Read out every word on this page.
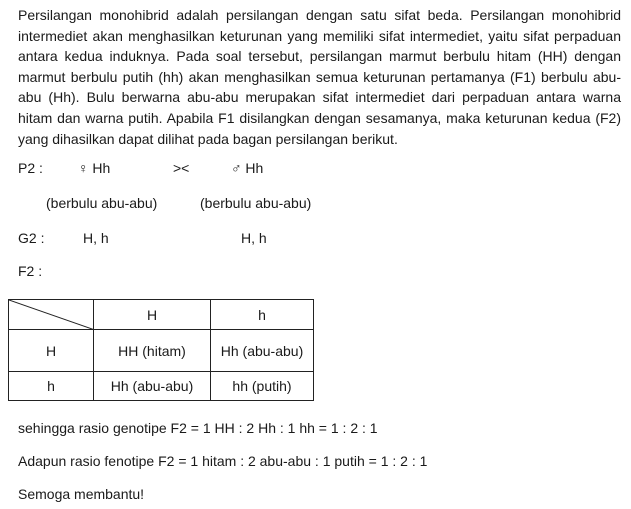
Persilangan monohibrid adalah persilangan dengan satu sifat beda. Persilangan monohibrid intermediet akan menghasilkan keturunan yang memiliki sifat intermediet, yaitu sifat perpaduan antara kedua induknya. Pada soal tersebut, persilangan marmut berbulu hitam (HH) dengan marmut berbulu putih (hh) akan menghasilkan semua keturunan pertamanya (F1) berbulu abu-abu (Hh). Bulu berwarna abu-abu merupakan sifat intermediet dari perpaduan antara warna hitam dan warna putih. Apabila F1 disilangkan dengan sesamanya, maka keturunan kedua (F2) yang dihasilkan dapat dilihat pada bagan persilangan berikut.
P2 :	♀ Hh	><	♂ Hh
(berbulu abu-abu)	(berbulu abu-abu)
G2 :	H, h	H, h
F2 :
	H	h
H	HH (hitam)	Hh (abu-abu)
h	Hh (abu-abu)	hh (putih)
sehingga rasio genotipe F2 = 1 HH : 2 Hh : 1 hh = 1 : 2 : 1
Adapun rasio fenotipe F2 = 1 hitam : 2 abu-abu : 1 putih = 1 : 2 : 1
Semoga membantu!
